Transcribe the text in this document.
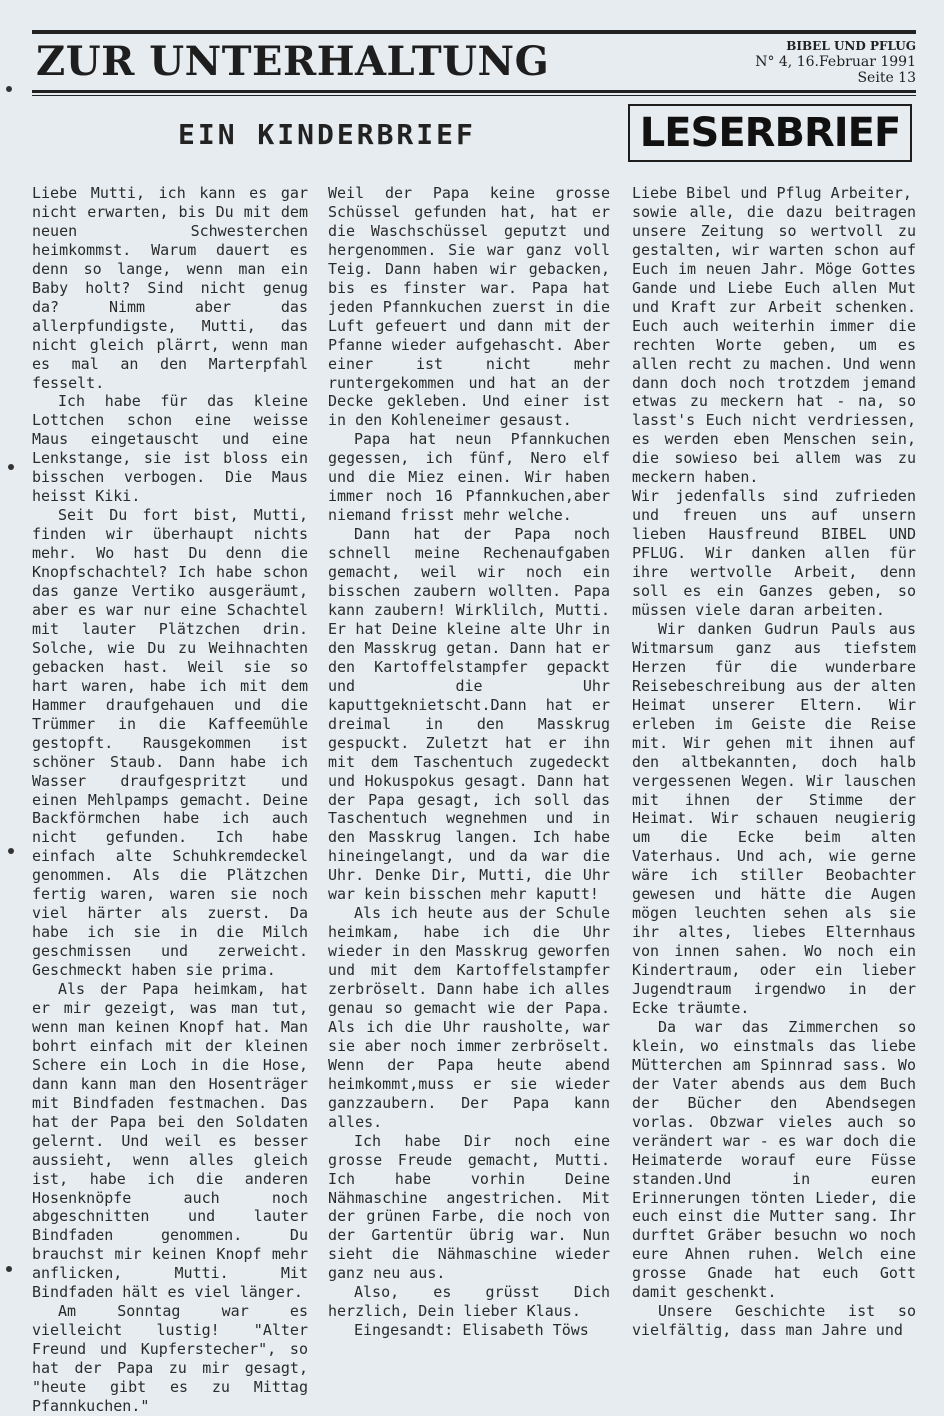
ZUR UNTERHALTUNG	BIBEL UND PFLUG
N° 4, 16.Februar 1991
Seite 13
EIN KINDERBRIEF	LESERBRIEF

Liebe Mutti, ich kann es gar nicht erwarten, bis Du mit dem neuen Schwesterchen heimkommst. Warum dauert es denn so lange, wenn man ein Baby holt? Sind nicht genug da? Nimm aber das allerpfundigste, Mutti, das nicht gleich plärrt, wenn man es mal an den Marterpfahl fesselt.

Ich habe für das kleine Lottchen schon eine weisse Maus eingetauscht und eine Lenkstange, sie ist bloss ein bisschen verbogen. Die Maus heisst Kiki.

Seit Du fort bist, Mutti, finden wir überhaupt nichts mehr. Wo hast Du denn die Knopfschachtel? Ich habe schon das ganze Vertiko ausgeräumt, aber es war nur eine Schachtel mit lauter Plätzchen drin. Solche, wie Du zu Weihnachten gebacken hast. Weil sie so hart waren, habe ich mit dem Hammer draufgehauen und die Trümmer in die Kaffeemühle gestopft. Rausgekommen ist schöner Staub. Dann habe ich Wasser draufgespritzt und einen Mehlpamps gemacht. Deine Backförmchen habe ich auch nicht gefunden. Ich habe einfach alte Schuhkremdeckel genommen. Als die Plätzchen fertig waren, waren sie noch viel härter als zuerst. Da habe ich sie in die Milch geschmissen und zerweicht. Geschmeckt haben sie prima.

Als der Papa heimkam, hat er mir gezeigt, was man tut, wenn man keinen Knopf hat. Man bohrt einfach mit der kleinen Schere ein Loch in die Hose, dann kann man den Hosenträger mit Bindfaden festmachen. Das hat der Papa bei den Soldaten gelernt. Und weil es besser aussieht, wenn alles gleich ist, habe ich die anderen Hosenknöpfe auch noch abgeschnitten und lauter Bindfaden genommen. Du brauchst mir keinen Knopf mehr anflicken, Mutti. Mit Bindfaden hält es viel länger.

Am Sonntag war es vielleicht lustig! "Alter Freund und Kupferstecher", so hat der Papa zu mir gesagt, "heute gibt es zu Mittag Pfannkuchen."

Weil der Papa keine grosse Schüssel gefunden hat, hat er die Waschschüssel geputzt und hergenommen. Sie war ganz voll Teig. Dann haben wir gebacken, bis es finster war. Papa hat jeden Pfannkuchen zuerst in die Luft gefeuert und dann mit der Pfanne wieder aufgehascht. Aber einer ist nicht mehr runtergekommen und hat an der Decke gekleben. Und einer ist in den Kohleneimer gesaust.

Papa hat neun Pfannkuchen gegessen, ich fünf, Nero elf und die Miez einen. Wir haben immer noch 16 Pfannkuchen,aber niemand frisst mehr welche.

Dann hat der Papa noch schnell meine Rechenaufgaben gemacht, weil wir noch ein bisschen zaubern wollten. Papa kann zaubern! Wirklilch, Mutti. Er hat Deine kleine alte Uhr in den Masskrug getan. Dann hat er den Kartoffelstampfer gepackt und die Uhr kaputtgeknietscht.Dann hat er dreimal in den Masskrug gespuckt. Zuletzt hat er ihn mit dem Taschentuch zugedeckt und Hokuspokus gesagt. Dann hat der Papa gesagt, ich soll das Taschentuch wegnehmen und in den Masskrug langen. Ich habe hineingelangt, und da war die Uhr. Denke Dir, Mutti, die Uhr war kein bisschen mehr kaputt!

Als ich heute aus der Schule heimkam, habe ich die Uhr wieder in den Masskrug geworfen und mit dem Kartoffelstampfer zerbröselt. Dann habe ich alles genau so gemacht wie der Papa. Als ich die Uhr rausholte, war sie aber noch immer zerbröselt. Wenn der Papa heute abend heimkommt,muss er sie wieder ganzzaubern. Der Papa kann alles.

Ich habe Dir noch eine grosse Freude gemacht, Mutti. Ich habe vorhin Deine Nähmaschine angestrichen. Mit der grünen Farbe, die noch von der Gartentür übrig war. Nun sieht die Nähmaschine wieder ganz neu aus.

Also, es grüsst Dich herzlich, Dein lieber Klaus.

Eingesandt: Elisabeth Töws

Liebe Bibel und Pflug Arbeiter,

sowie alle, die dazu beitragen unsere Zeitung so wertvoll zu gestalten, wir warten schon auf Euch im neuen Jahr. Möge Gottes Gande und Liebe Euch allen Mut und Kraft zur Arbeit schenken. Euch auch weiterhin immer die rechten Worte geben, um es allen recht zu machen. Und wenn dann doch noch trotzdem jemand etwas zu meckern hat - na, so lasst's Euch nicht verdriessen, es werden eben Menschen sein, die sowieso bei allem was zu meckern haben.

Wir jedenfalls sind zufrieden und freuen uns auf unsern lieben Hausfreund BIBEL UND PFLUG. Wir danken allen für ihre wertvolle Arbeit, denn soll es ein Ganzes geben, so müssen viele daran arbeiten.

Wir danken Gudrun Pauls aus Witmarsum ganz aus tiefstem Herzen für die wunderbare Reisebeschreibung aus der alten Heimat unserer Eltern. Wir erleben im Geiste die Reise mit. Wir gehen mit ihnen auf den altbekannten, doch halb vergessenen Wegen. Wir lauschen mit ihnen der Stimme der Heimat. Wir schauen neugierig um die Ecke beim alten Vaterhaus. Und ach, wie gerne wäre ich stiller Beobachter gewesen und hätte die Augen mögen leuchten sehen als sie ihr altes, liebes Elternhaus von innen sahen. Wo noch ein Kindertraum, oder ein lieber Jugendtraum irgendwo in der Ecke träumte.

Da war das Zimmerchen so klein, wo einstmals das liebe Mütterchen am Spinnrad sass. Wo der Vater abends aus dem Buch der Bücher den Abendsegen vorlas. Obzwar vieles auch so verändert war - es war doch die Heimaterde worauf eure Füsse standen.Und in euren Erinnerungen tönten Lieder, die euch einst die Mutter sang. Ihr durftet Gräber besuchn wo noch eure Ahnen ruhen. Welch eine grosse Gnade hat euch Gott damit geschenkt.

Unsere Geschichte ist so vielfältig, dass man Jahre und
